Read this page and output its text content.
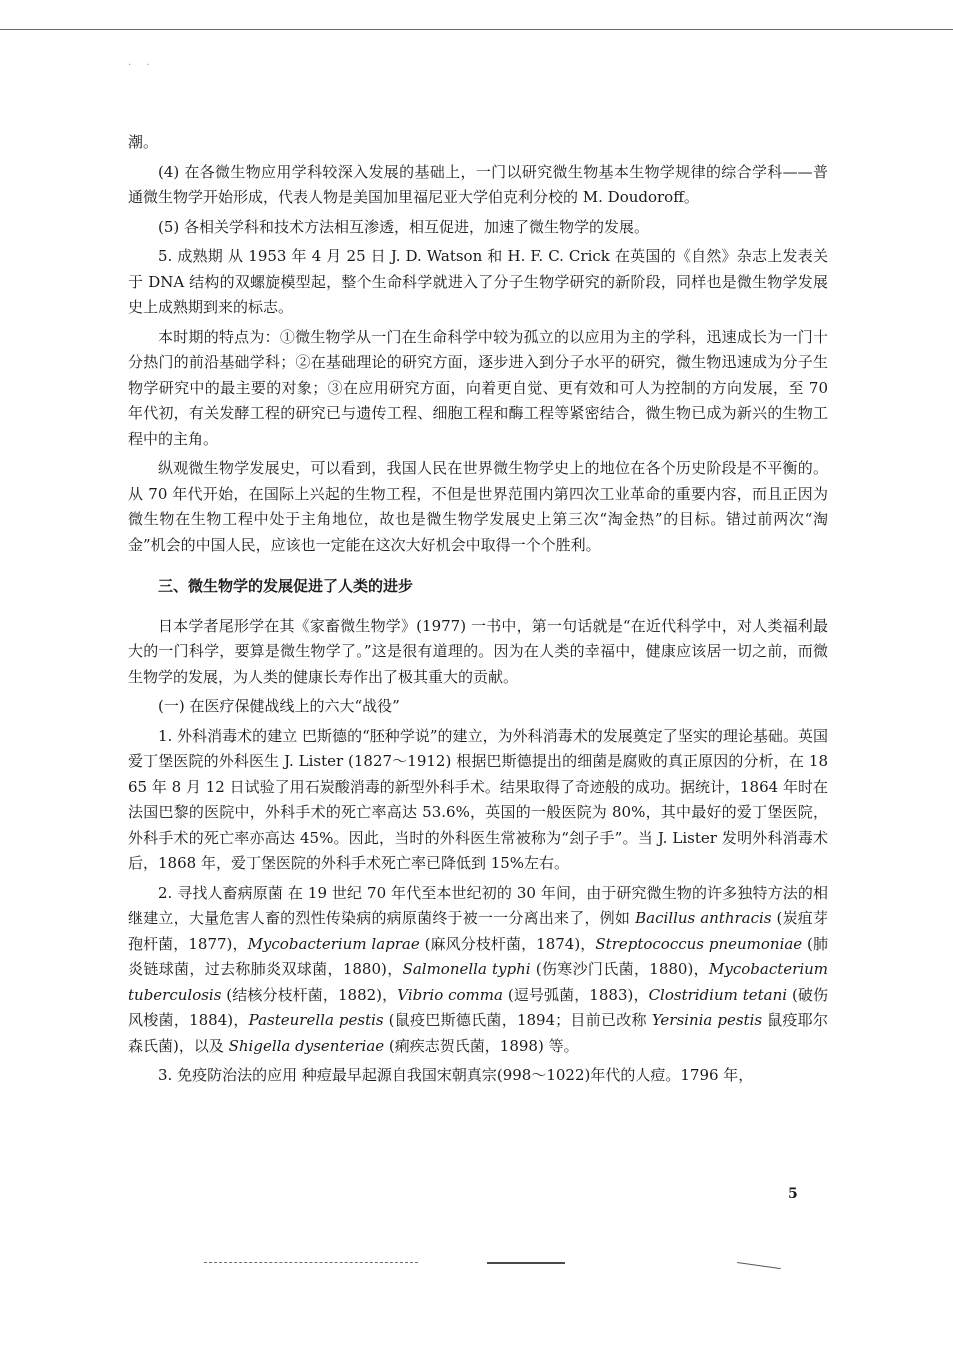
· ·

潮。

(4) 在各微生物应用学科较深入发展的基础上，一门以研究微生物基本生物学规律的综合学科——普通微生物学开始形成，代表人物是美国加里福尼亚大学伯克利分校的 M. Doudoroff。

(5) 各相关学科和技术方法相互渗透，相互促进，加速了微生物学的发展。

5. 成熟期 从 1953 年 4 月 25 日 J. D. Watson 和 H. F. C. Crick 在英国的《自然》杂志上发表关于 DNA 结构的双螺旋模型起，整个生命科学就进入了分子生物学研究的新阶段，同样也是微生物学发展史上成熟期到来的标志。

本时期的特点为：①微生物学从一门在生命科学中较为孤立的以应用为主的学科，迅速成长为一门十分热门的前沿基础学科；②在基础理论的研究方面，逐步进入到分子水平的研究，微生物迅速成为分子生物学研究中的最主要的对象；③在应用研究方面，向着更自觉、更有效和可人为控制的方向发展，至 70 年代初，有关发酵工程的研究已与遗传工程、细胞工程和酶工程等紧密结合，微生物已成为新兴的生物工程中的主角。

纵观微生物学发展史，可以看到，我国人民在世界微生物学史上的地位在各个历史阶段是不平衡的。从 70 年代开始，在国际上兴起的生物工程，不但是世界范围内第四次工业革命的重要内容，而且正因为微生物在生物工程中处于主角地位，故也是微生物学发展史上第三次“淘金热”的目标。错过前两次“淘金”机会的中国人民，应该也一定能在这次大好机会中取得一个个胜利。

三、微生物学的发展促进了人类的进步

日本学者尾形学在其《家畜微生物学》(1977) 一书中，第一句话就是“在近代科学中，对人类福利最大的一门科学，要算是微生物学了。”这是很有道理的。因为在人类的幸福中，健康应该居一切之前，而微生物学的发展，为人类的健康长寿作出了极其重大的贡献。

(一) 在医疗保健战线上的六大“战役”

1. 外科消毒术的建立 巴斯德的“胚种学说”的建立，为外科消毒术的发展奠定了坚实的理论基础。英国爱丁堡医院的外科医生 J. Lister (1827～1912) 根据巴斯德提出的细菌是腐败的真正原因的分析，在 1865 年 8 月 12 日试验了用石炭酸消毒的新型外科手术。结果取得了奇迹般的成功。据统计，1864 年时在法国巴黎的医院中，外科手术的死亡率高达 53.6%，英国的一般医院为 80%，其中最好的爱丁堡医院，外科手术的死亡率亦高达 45%。因此，当时的外科医生常被称为“刽子手”。当 J. Lister 发明外科消毒术后，1868 年，爱丁堡医院的外科手术死亡率已降低到 15%左右。

2. 寻找人畜病原菌 在 19 世纪 70 年代至本世纪初的 30 年间，由于研究微生物的许多独特方法的相继建立，大量危害人畜的烈性传染病的病原菌终于被一一分离出来了，例如 Bacillus anthracis (炭疽芽孢杆菌，1877)，Mycobacterium laprae (麻风分枝杆菌，1874)，Streptococcus pneumoniae (肺炎链球菌，过去称肺炎双球菌，1880)，Salmonella typhi (伤寒沙门氏菌，1880)，Mycobacterium tuberculosis (结核分枝杆菌，1882)，Vibrio comma (逗号弧菌，1883)，Clostridium tetani (破伤风梭菌，1884)，Pasteurella pestis (鼠疫巴斯德氏菌，1894；目前已改称 Yersinia pestis 鼠疫耶尔森氏菌)，以及 Shigella dysenteriae (痢疾志贺氏菌，1898) 等。

3. 免疫防治法的应用 种痘最早起源自我国宋朝真宗(998～1022)年代的人痘。1796 年，

5
